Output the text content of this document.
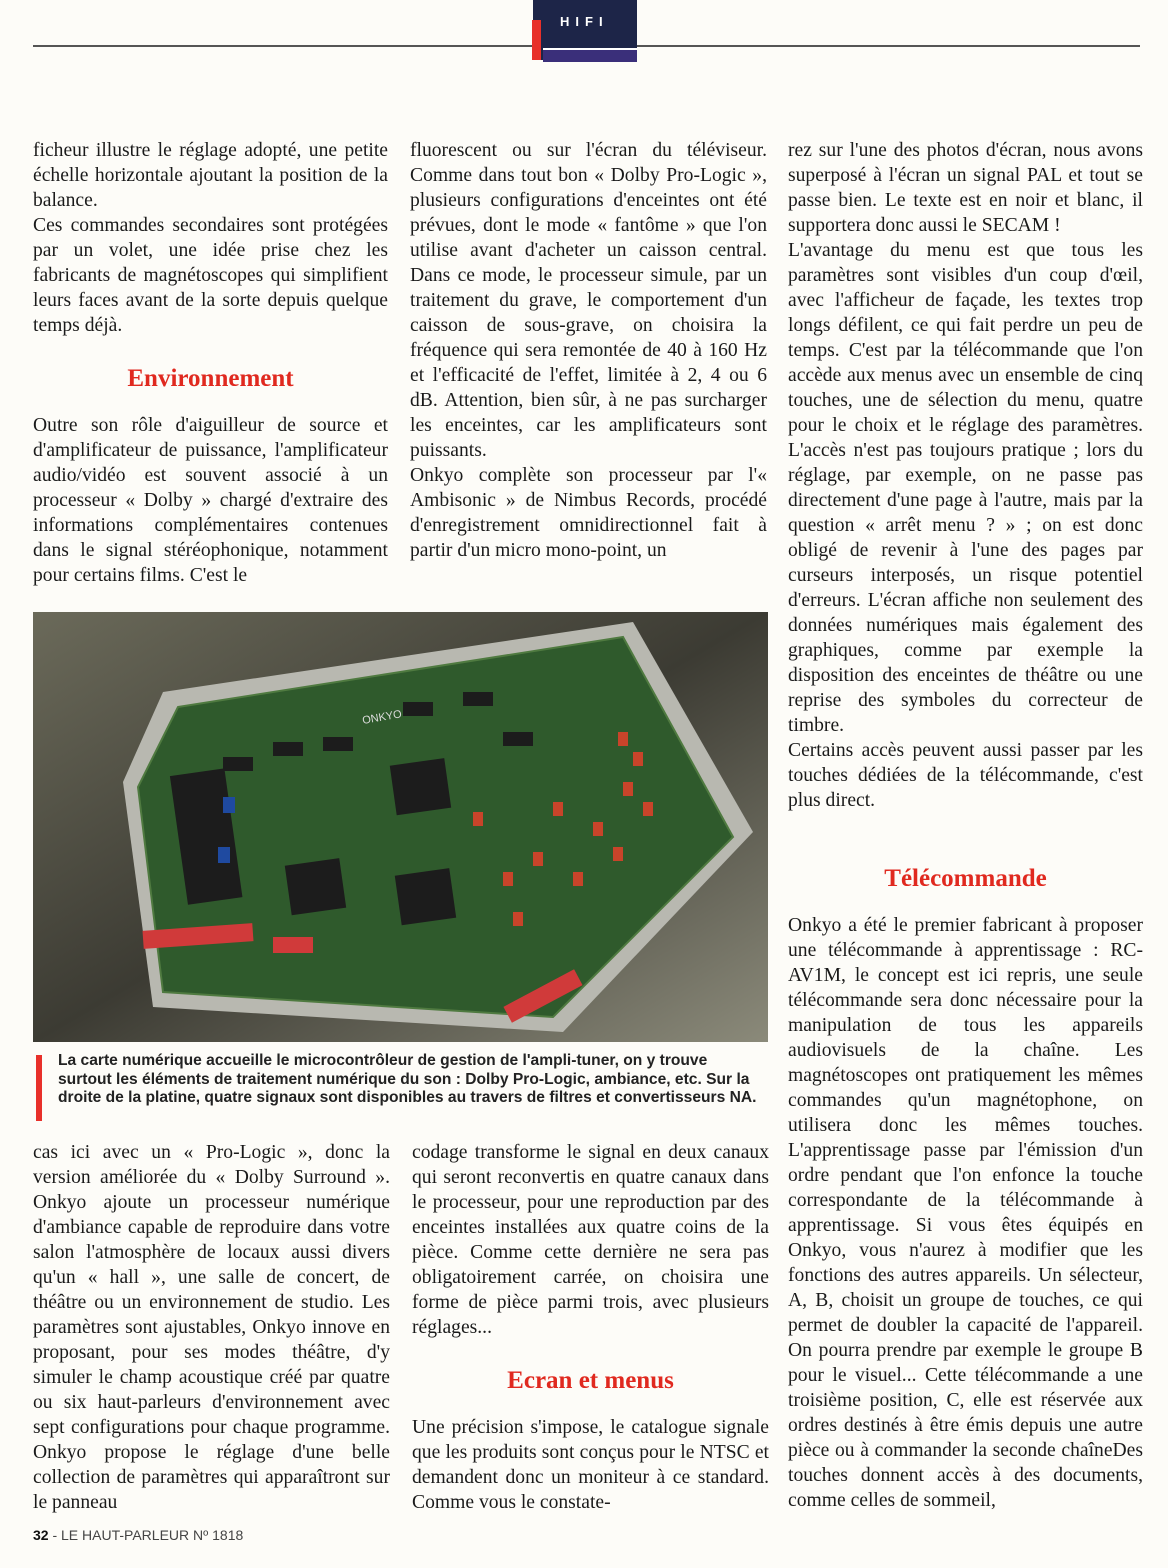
HIFI

ficheur illustre le réglage adopté, une petite échelle horizontale ajoutant la position de la balance.

Ces commandes secondaires sont protégées par un volet, une idée prise chez les fabricants de magnétoscopes qui simplifient leurs faces avant de la sorte depuis quelque temps déjà.

Environnement

Outre son rôle d'aiguilleur de source et d'amplificateur de puissance, l'amplificateur audio/vidéo est souvent associé à un processeur « Dolby » chargé d'extraire des informations complémentaires contenues dans le signal stéréophonique, notamment pour certains films. C'est le

fluorescent ou sur l'écran du téléviseur. Comme dans tout bon « Dolby Pro-Logic », plusieurs configurations d'enceintes ont été prévues, dont le mode « fantôme » que l'on utilise avant d'acheter un caisson central. Dans ce mode, le processeur simule, par un traitement du grave, le comportement d'un caisson de sous-grave, on choisira la fréquence qui sera remontée de 40 à 160 Hz et l'efficacité de l'effet, limitée à 2, 4 ou 6 dB. Attention, bien sûr, à ne pas surcharger les enceintes, car les amplificateurs sont puissants.

Onkyo complète son processeur par l'« Ambisonic » de Nimbus Records, procédé d'enregistrement omnidirectionnel fait à partir d'un micro mono-point, un

ONKYO
La carte numérique accueille le microcontrôleur de gestion de l'ampli-tuner, on y trouve surtout les éléments de traitement numérique du son : Dolby Pro-Logic, ambiance, etc. Sur la droite de la platine, quatre signaux sont disponibles au travers de filtres et convertisseurs NA.

cas ici avec un « Pro-Logic », donc la version améliorée du « Dolby Surround ». Onkyo ajoute un processeur numérique d'ambiance capable de reproduire dans votre salon l'atmosphère de locaux aussi divers qu'un « hall », une salle de concert, de théâtre ou un environnement de studio. Les paramètres sont ajustables, Onkyo innove en proposant, pour ses modes théâtre, d'y simuler le champ acoustique créé par quatre ou six haut-parleurs d'environnement avec sept configurations pour chaque programme. Onkyo propose le réglage d'une belle collection de paramètres qui apparaîtront sur le panneau

codage transforme le signal en deux canaux qui seront reconvertis en quatre canaux dans le processeur, pour une reproduction par des enceintes installées aux quatre coins de la pièce. Comme cette dernière ne sera pas obligatoirement carrée, on choisira une forme de pièce parmi trois, avec plusieurs réglages...

Ecran et menus

Une précision s'impose, le catalogue signale que les produits sont conçus pour le NTSC et demandent donc un moniteur à ce standard. Comme vous le constate-

rez sur l'une des photos d'écran, nous avons superposé à l'écran un signal PAL et tout se passe bien. Le texte est en noir et blanc, il supportera donc aussi le SECAM !

L'avantage du menu est que tous les paramètres sont visibles d'un coup d'œil, avec l'afficheur de façade, les textes trop longs défilent, ce qui fait perdre un peu de temps. C'est par la télécommande que l'on accède aux menus avec un ensemble de cinq touches, une de sélection du menu, quatre pour le choix et le réglage des paramètres. L'accès n'est pas toujours pratique ; lors du réglage, par exemple, on ne passe pas directement d'une page à l'autre, mais par la question « arrêt menu ? » ; on est donc obligé de revenir à l'une des pages par curseurs interposés, un risque potentiel d'erreurs. L'écran affiche non seulement des données numériques mais également des graphiques, comme par exemple la disposition des enceintes de théâtre ou une reprise des symboles du correcteur de timbre.

Certains accès peuvent aussi passer par les touches dédiées de la télécommande, c'est plus direct.

Télécommande

Onkyo a été le premier fabricant à proposer une télécommande à apprentissage : RC-AV1M, le concept est ici repris, une seule télécommande sera donc nécessaire pour la manipulation de tous les appareils audiovisuels de la chaîne. Les magnétoscopes ont pratiquement les mêmes commandes qu'un magnétophone, on utilisera donc les mêmes touches. L'apprentissage passe par l'émission d'un ordre pendant que l'on enfonce la touche correspondante de la télécommande à apprentissage. Si vous êtes équipés en Onkyo, vous n'aurez à modifier que les fonctions des autres appareils. Un sélecteur, A, B, choisit un groupe de touches, ce qui permet de doubler la capacité de l'appareil. On pourra prendre par exemple le groupe B pour le visuel... Cette télécommande a une troisième position, C, elle est réservée aux ordres destinés à être émis depuis une autre pièce ou à commander la seconde chaîneDes touches donnent accès à des documents, comme celles de sommeil,

32 - LE HAUT-PARLEUR Nº 1818
